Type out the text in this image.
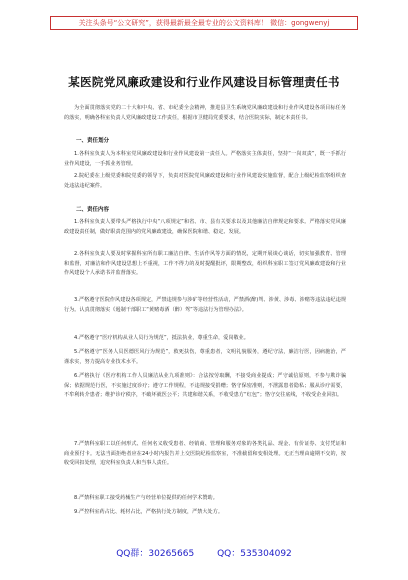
关注头条号“公文研究”，获得最新最全最专业的公文资料库！ 微信：gongwenyj
某医院党风廉政建设和行业作风建设目标管理责任书

为全面贯彻落实党的二十大和中央、省、市纪委全会精神，推进县卫生系统党风廉政建设和行业作风建设各项目标任务的落实，明确各科室负责人党风廉政建设工作责任，根据市卫健局党委要求，结合医院实际，制定本责任书。

一、责任划分

1.各科室负责人为本科室党风廉政建设和行业作风建设第一责任人。严格落实主体责任，坚持“一岗双责”，既一手抓行业作风建设，一手抓业务管理。

2.院纪委在上级党委和院党委的领导下，负责对医院党风廉政建设和行业作风建设实施监督，配合上级纪检监察组织查处违法违纪案件。

二、责任内容

1.各科室负责人要带头严格执行中央“八项规定”和省、市、县有关要求以及其他廉洁自律规定和要求。严格落实党风廉政建设责任制，做好职责范围内的党风廉政建设，确保医院和谐、稳定、发展。

2.各科室负责人要及时掌握科室所有职工廉洁自律、生活作风等方面的情况，定期开展谈心谈话，切实加强教育、管理和监督，对廉洁和作风建设思想上不重视，工作不得力的及时提醒批评，限期整改，组织科室职工签订党风廉政建设和行业作风建设个人承诺书并监督落实。

3.严格遵守医院作风建设各项规定，严禁违规参与涉矿等经营性活动，严禁酒(醉)驾、涉黄、涉毒、涉赌等违法违纪违规行为。认真贯彻落实《遏制干部职工“黄赌毒酒（醉）驾”等违法行为管理办法》。

4.严格遵守“医疗机构从业人员行为规范”，抵法执业，尊重生命，爱岗敬业。

5.严格遵守“医务人员医德医风行为规范”，救死扶伤，尊重患者，文明礼貌服务，遵纪守法，廉洁行医，因病施治，严谨求实，努力提高专业技术水平。

6.严格执行《医疗机构工作人员廉洁从业九项准则》：合法按劳取酬，不接受商业提成；严守诚信原则，不参与欺诈骗保；依据规范行医，不实施过度诊疗；遵守工作规程，不违规接受捐赠；恪守保密准则，不泄露患者隐私；服从诊疗需要，不牟利转介患者；维护诊疗秩序，不破坏就医公平；共建和谐关系，不收受患方“红包”；恪守交往底线，不收受企业回扣。

7.严禁科室职工以任何形式、任何名义收受患者、经销商、管理和服务对象的各类礼品、现金、有价证券、支付凭证和商业预付卡。无法当面拒绝者应在24小时内报告并上交医院纪检监察室，不准截留和变相处理。无正当理由逾期不交的，按收受回扣处理，追究科室负责人和当事人责任。

8.严禁科室职工接受药械生产与经营单位提供的任何学术赞助。

9.严控科室药占比、耗材占比，严格执行处方制度，严禁大处方。

QQ群：30265665	QQ：535304092
